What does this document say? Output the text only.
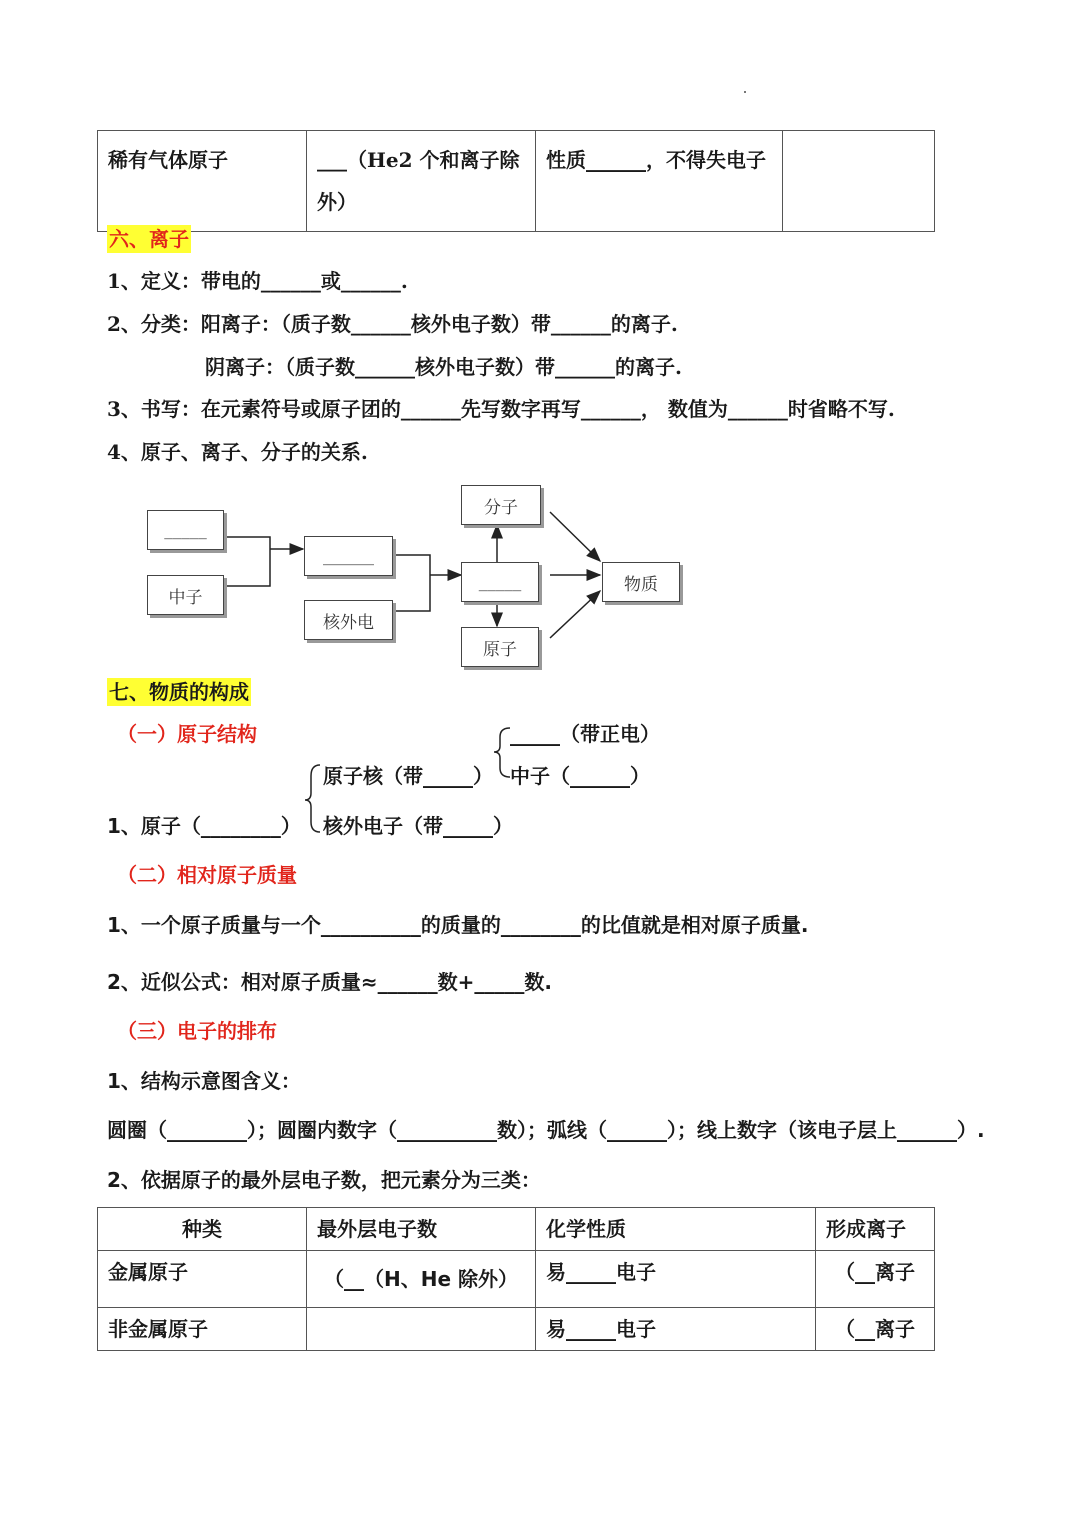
稀有气体原子	___（He2 个和离子除外）	性质______，不得失电子	
六、离子
1、定义：带电的______或______.
2、分类：阳离子：（质子数______核外电子数）带______的离子.
阴离子：（质子数______核外电子数）带______的离子.
3、书写：在元素符号或原子团的______先写数字再写______， 数值为______时省略不写.
4、原子、离子、分子的关系.
_____
中子
______
核外电
_____
分子
原子
物质
七、物质的构成
（一）原子结构	_____（带正电）
原子核（带_____） 中子（______）
1、原子（________） 核外电子（带_____）
（二）相对原子质量
1、一个原子质量与一个__________的质量的________的比值就是相对原子质量.
2、近似公式：相对原子质量≈______数+_____数.
（三）电子的排布
1、结构示意图含义：
圆圈（________）；圆圈内数字（__________数）；弧线（______）；线上数字（该电子层上______）.
2、依据原子的最外层电子数，把元素分为三类：
种类	最外层电子数	化学性质	形成离子
金属原子	（__（H、He 除外）	易_____电子	（__离子
非金属原子		易_____电子	（__离子
